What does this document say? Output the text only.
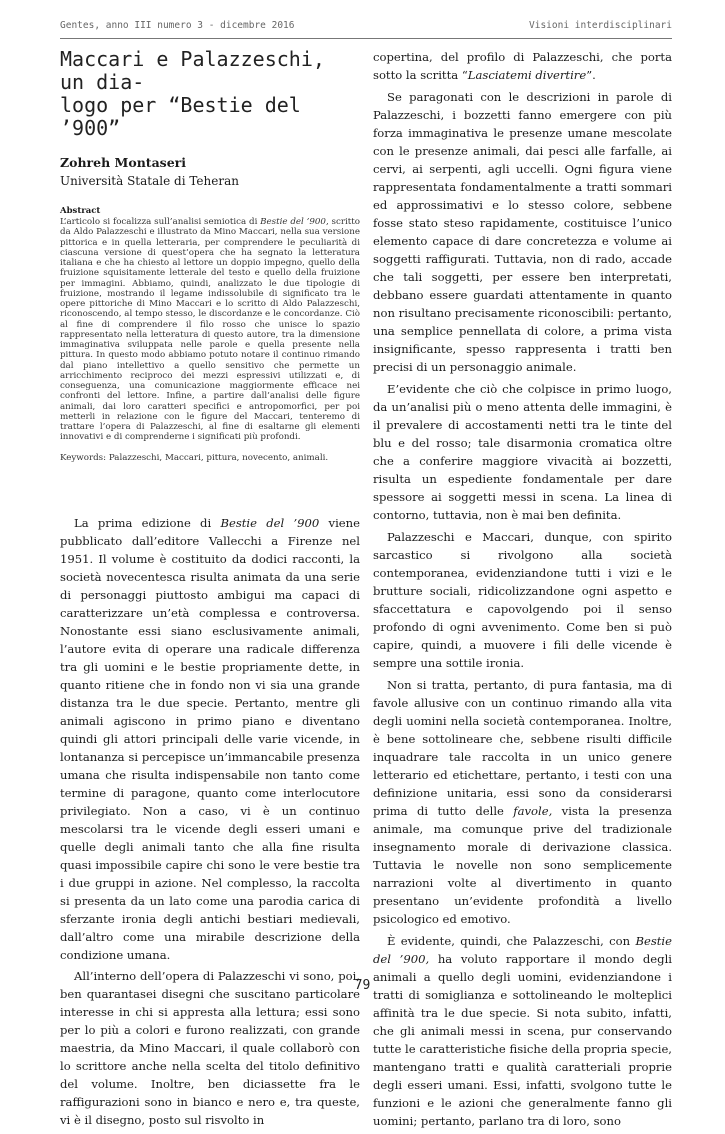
Gentes, anno III numero 3 - dicembre 2016	Visioni interdisciplinari
Maccari e Palazzeschi, un dia-
logo per “Bestie del ’900”

Zohreh Montaseri

Università Statale di Teheran

Abstract

L’articolo si focalizza sull’analisi semiotica di Bestie del ’900, scritto da Aldo Palazzeschi e illustrato da Mino Maccari, nella sua versione pittorica e in quella letteraria, per comprendere le peculiarità di ciascuna versione di quest’opera che ha segnato la letteratura italiana e che ha chiesto al lettore un doppio impegno, quello della fruizione squisitamente letterale del testo e quello della fruizione per immagini. Abbiamo, quindi, analizzato le due tipologie di fruizione, mostrando il legame indissolubile di significato tra le opere pittoriche di Mino Maccari e lo scritto di Aldo Palazzeschi, riconoscendo, al tempo stesso, le discordanze e le concordanze. Ciò al fine di comprendere il filo rosso che unisce lo spazio rappresentato nella letteratura di questo autore, tra la dimensione immaginativa sviluppata nelle parole e quella presente nella pittura. In questo modo abbiamo potuto notare il continuo rimando dal piano intellettivo a quello sensitivo che permette un arricchimento reciproco dei mezzi espressivi utilizzati e, di conseguenza, una comunicazione maggiormente efficace nei confronti del lettore. Infine, a partire dall’analisi delle figure animali, dai loro caratteri specifici e antropomorfici, per poi metterli in relazione con le figure del Maccari, tenteremo di trattare l’opera di Palazzeschi, al fine di esaltarne gli elementi innovativi e di comprenderne i significati più profondi.

Keywords: Palazzeschi, Maccari, pittura, novecento, animali.

La prima edizione di Bestie del ’900 viene pubblicato dall’editore Vallecchi a Firenze nel 1951. Il volume è costituito da dodici racconti, la società novecentesca risulta animata da una serie di personaggi piuttosto ambigui ma capaci di caratterizzare un’età complessa e controversa. Nonostante essi siano esclusivamente animali, l’autore evita di operare una radicale differenza tra gli uomini e le bestie propriamente dette, in quanto ritiene che in fondo non vi sia una grande distanza tra le due specie. Pertanto, mentre gli animali agiscono in primo piano e diventano quindi gli attori principali delle varie vicende, in lontananza si percepisce un’immancabile presenza umana che risulta indispensabile non tanto come termine di paragone, quanto come interlocutore privilegiato. Non a caso, vi è un continuo mescolarsi tra le vicende degli esseri umani e quelle degli animali tanto che alla fine risulta quasi impossibile capire chi sono le vere bestie tra i due gruppi in azione. Nel complesso, la raccolta si presenta da un lato come una parodia carica di sferzante ironia degli antichi bestiari medievali, dall’altro come una mirabile descrizione della condizione umana.

All’interno dell’opera di Palazzeschi vi sono, poi, ben quarantasei disegni che suscitano particolare interesse in chi si appresta alla lettura; essi sono per lo più a colori e furono realizzati, con grande maestria, da Mino Maccari, il quale collaborò con lo scrittore anche nella scelta del titolo definitivo del volume. Inoltre, ben diciassette fra le raffigurazioni sono in bianco e nero e, tra queste, vi è il disegno, posto sul risvolto in

copertina, del profilo di Palazzeschi, che porta sotto la scritta “Lasciatemi divertire”.

Se paragonati con le descrizioni in parole di Palazzeschi, i bozzetti fanno emergere con più forza immaginativa le presenze umane mescolate con le presenze animali, dai pesci alle farfalle, ai cervi, ai serpenti, agli uccelli. Ogni figura viene rappresentata fondamentalmente a tratti sommari ed approssimativi e lo stesso colore, sebbene fosse stato steso rapidamente, costituisce l’unico elemento capace di dare concretezza e volume ai soggetti raffigurati. Tuttavia, non di rado, accade che tali soggetti, per essere ben interpretati, debbano essere guardati attentamente in quanto non risultano precisamente riconoscibili: pertanto, una semplice pennellata di colore, a prima vista insignificante, spesso rappresenta i tratti ben precisi di un personaggio animale.

E’evidente che ciò che colpisce in primo luogo, da un’analisi più o meno attenta delle immagini, è il prevalere di accostamenti netti tra le tinte del blu e del rosso; tale disarmonia cromatica oltre che a conferire maggiore vivacità ai bozzetti, risulta un espediente fondamentale per dare spessore ai soggetti messi in scena. La linea di contorno, tuttavia, non è mai ben definita.

Palazzeschi e Maccari, dunque, con spirito sarcastico si rivolgono alla società contemporanea, evidenziandone tutti i vizi e le brutture sociali, ridicolizzandone ogni aspetto e sfaccettatura e capovolgendo poi il senso profondo di ogni avvenimento. Come ben si può capire, quindi, a muovere i fili delle vicende è sempre una sottile ironia.

Non si tratta, pertanto, di pura fantasia, ma di favole allusive con un continuo rimando alla vita degli uomini nella società contemporanea. Inoltre, è bene sottolineare che, sebbene risulti difficile inquadrare tale raccolta in un unico genere letterario ed etichettare, pertanto, i testi con una definizione unitaria, essi sono da considerarsi prima di tutto delle favole, vista la presenza animale, ma comunque prive del tradizionale insegnamento morale di derivazione classica. Tuttavia le novelle non sono semplicemente narrazioni volte al divertimento in quanto presentano un’evidente profondità a livello psicologico ed emotivo.

È evidente, quindi, che Palazzeschi, con Bestie del ’900, ha voluto rapportare il mondo degli animali a quello degli uomini, evidenziandone i tratti di somiglianza e sottolineando le molteplici affinità tra le due specie. Si nota subito, infatti, che gli animali messi in scena, pur conservando tutte le caratteristiche fisiche della propria specie, mantengano tratti e qualità caratteriali proprie degli esseri umani. Essi, infatti, svolgono tutte le funzioni e le azioni che generalmente fanno gli uomini; pertanto, parlano tra di loro, sono

79
